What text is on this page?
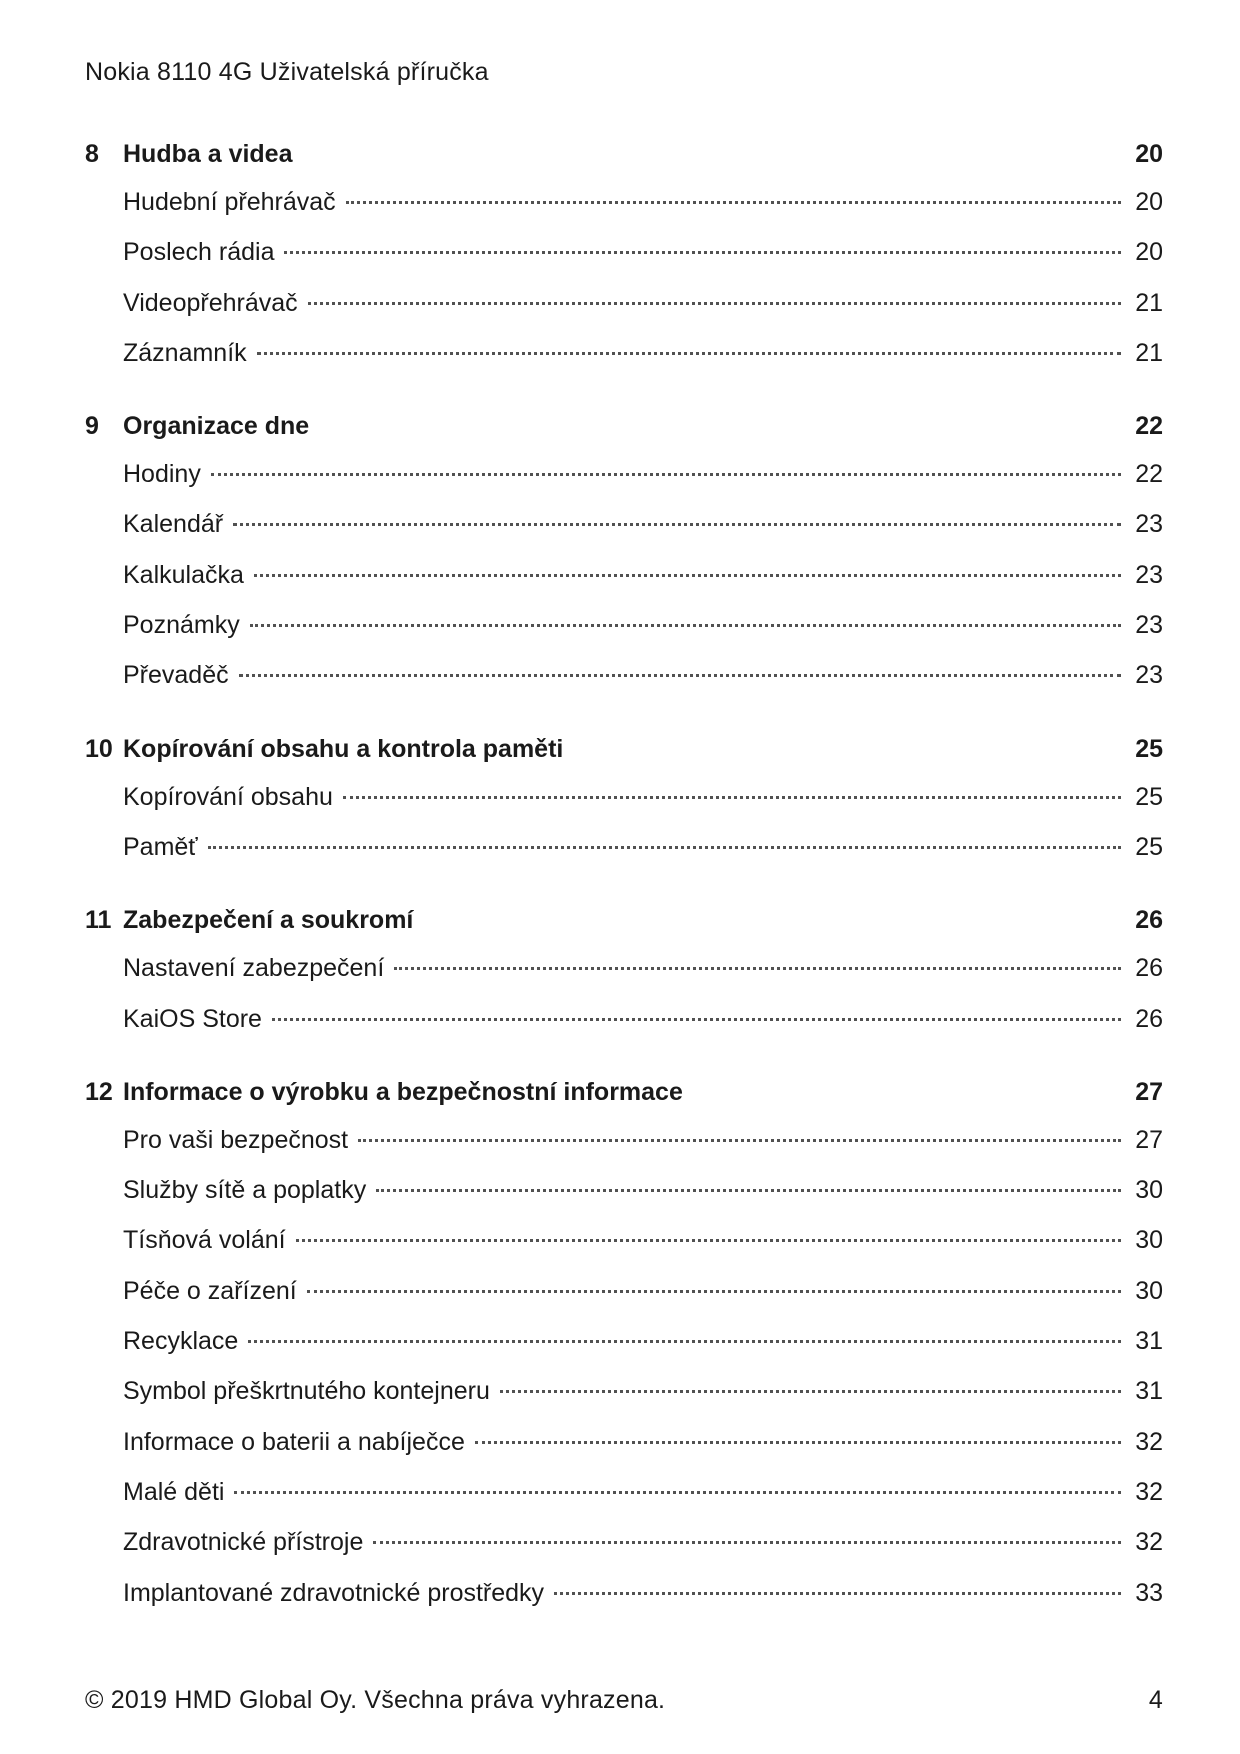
Nokia 8110 4G Uživatelská příručka
8 Hudba a videa	20
Hudební přehrávač	20
Poslech rádia	20
Videopřehrávač	21
Záznamník	21
9 Organizace dne	22
Hodiny	22
Kalendář	23
Kalkulačka	23
Poznámky	23
Převaděč	23
10 Kopírování obsahu a kontrola paměti	25
Kopírování obsahu	25
Paměť	25
11 Zabezpečení a soukromí	26
Nastavení zabezpečení	26
KaiOS Store	26
12 Informace o výrobku a bezpečnostní informace	27
Pro vaši bezpečnost	27
Služby sítě a poplatky	30
Tísňová volání	30
Péče o zařízení	30
Recyklace	31
Symbol přeškrtnutého kontejneru	31
Informace o baterii a nabíječce	32
Malé děti	32
Zdravotnické přístroje	32
Implantované zdravotnické prostředky	33
© 2019 HMD Global Oy. Všechna práva vyhrazena.	4
